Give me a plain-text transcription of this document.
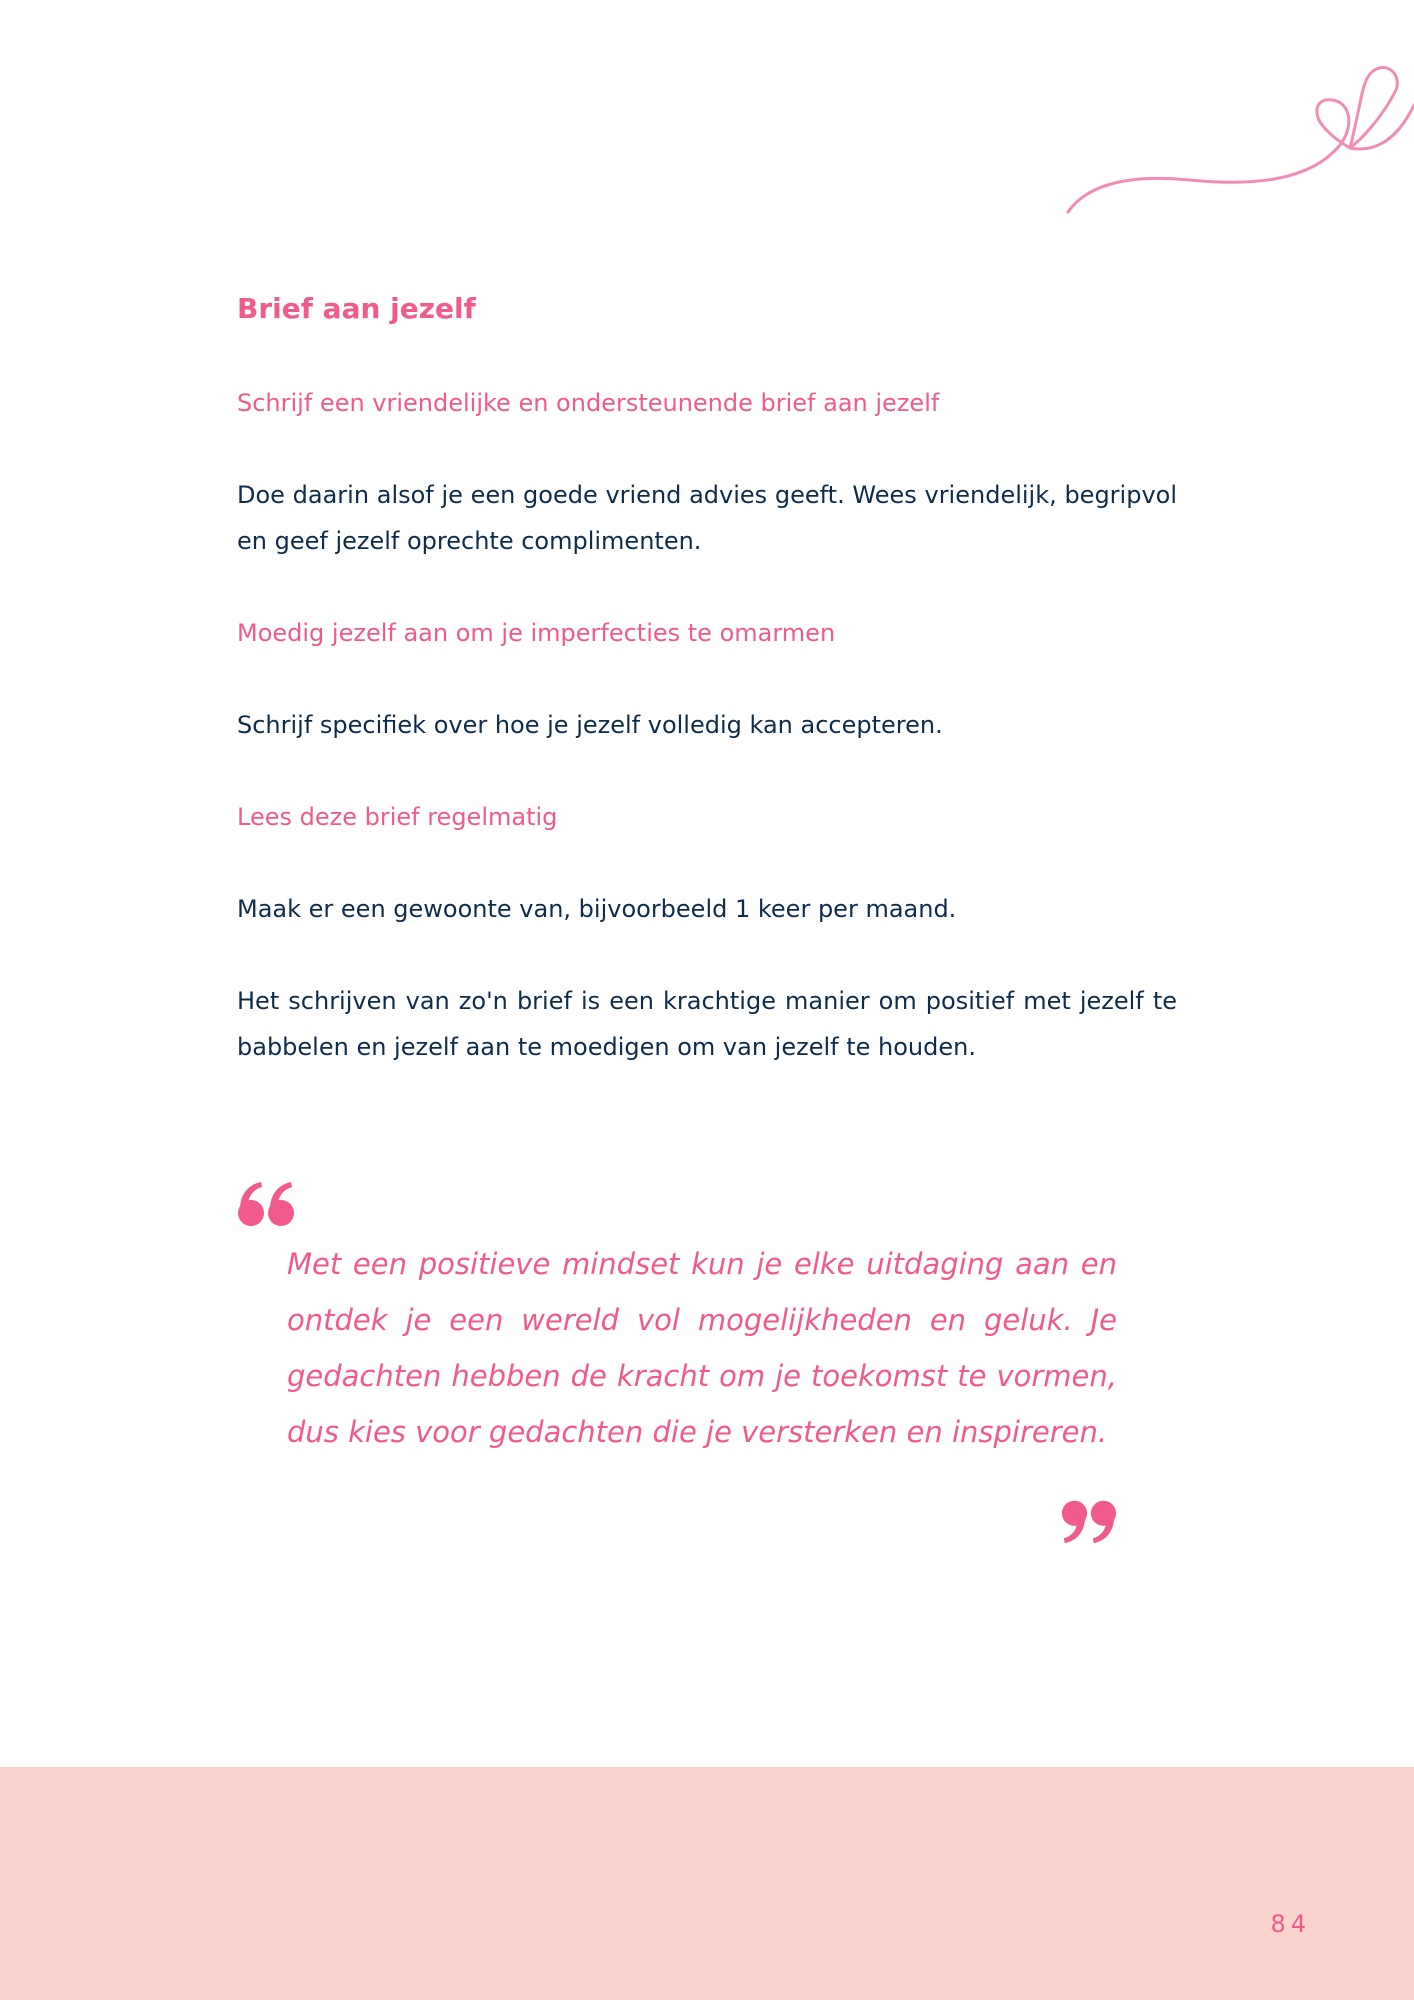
Brief aan jezelf

Schrijf een vriendelijke en ondersteunende brief aan jezelf

Doe daarin alsof je een goede vriend advies geeft. Wees vriendelijk, begripvol en geef jezelf oprechte complimenten.

Moedig jezelf aan om je imperfecties te omarmen

Schrijf specifiek over hoe je jezelf volledig kan accepteren.

Lees deze brief regelmatig

Maak er een gewoonte van, bijvoorbeeld 1 keer per maand.

Het schrijven van zo'n brief is een krachtige manier om positief met jezelf te babbelen en jezelf aan te moedigen om van jezelf te houden.

Met een positieve mindset kun je elke uitdaging aan en ontdek je een wereld vol mogelijkheden en geluk. Je gedachten hebben de kracht om je toekomst te vormen, dus kies voor gedachten die je versterken en inspireren.

84
